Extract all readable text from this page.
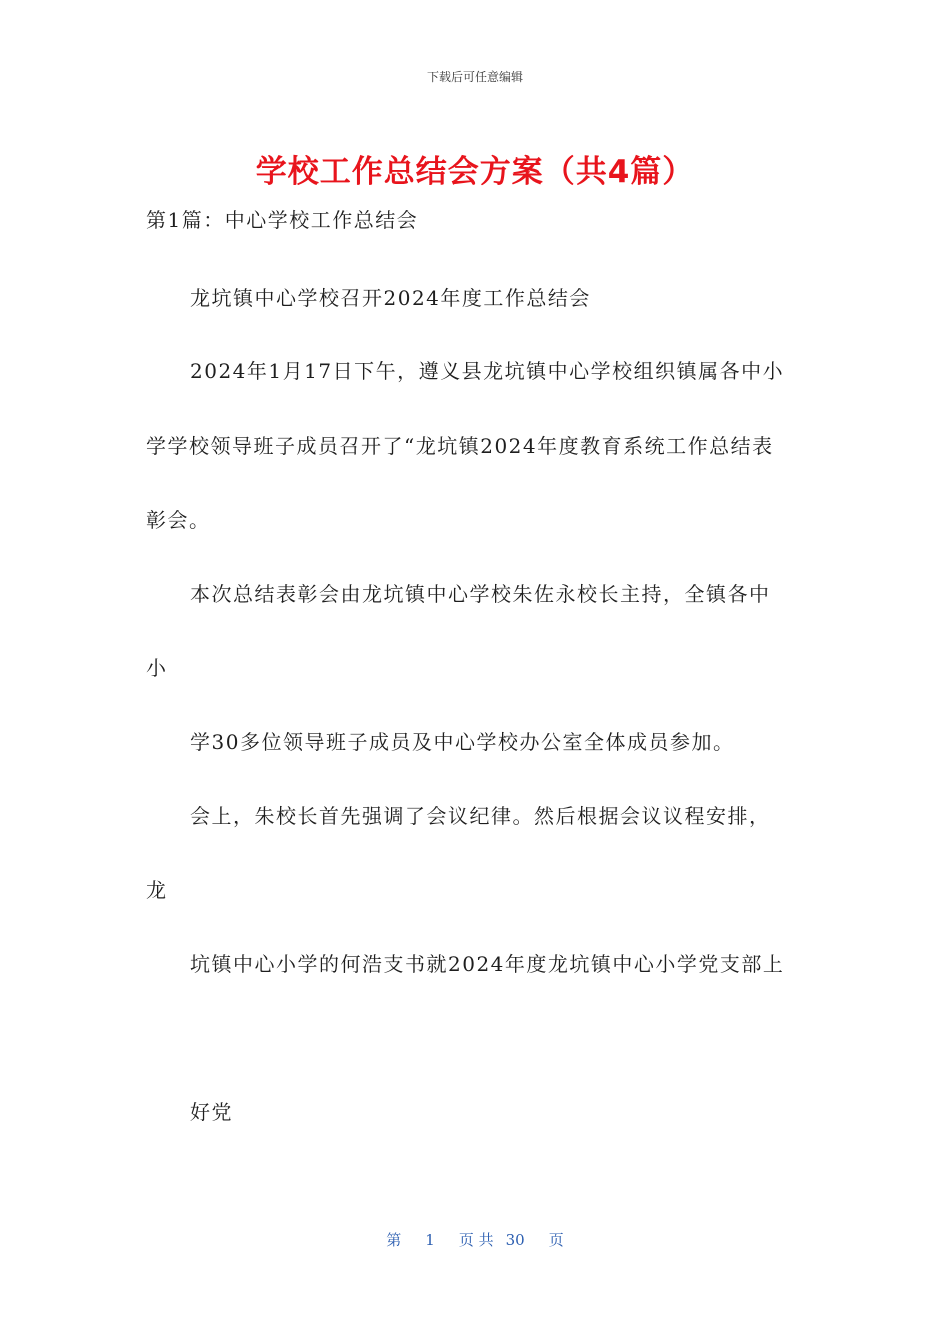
下载后可任意编辑
学校工作总结会方案（共4篇）
第1篇：中心学校工作总结会
龙坑镇中心学校召开2024年度工作总结会
2024年1月17日下午，遵义县龙坑镇中心学校组织镇属各中小
学学校领导班子成员召开了“龙坑镇2024年度教育系统工作总结表
彰会。
本次总结表彰会由龙坑镇中心学校朱佐永校长主持，全镇各中
小
学30多位领导班子成员及中心学校办公室全体成员参加。
会上，朱校长首先强调了会议纪律。然后根据会议议程安排，
龙
坑镇中心小学的何浩支书就2024年度龙坑镇中心小学党支部上
好党
第 1 页 共 30 页
